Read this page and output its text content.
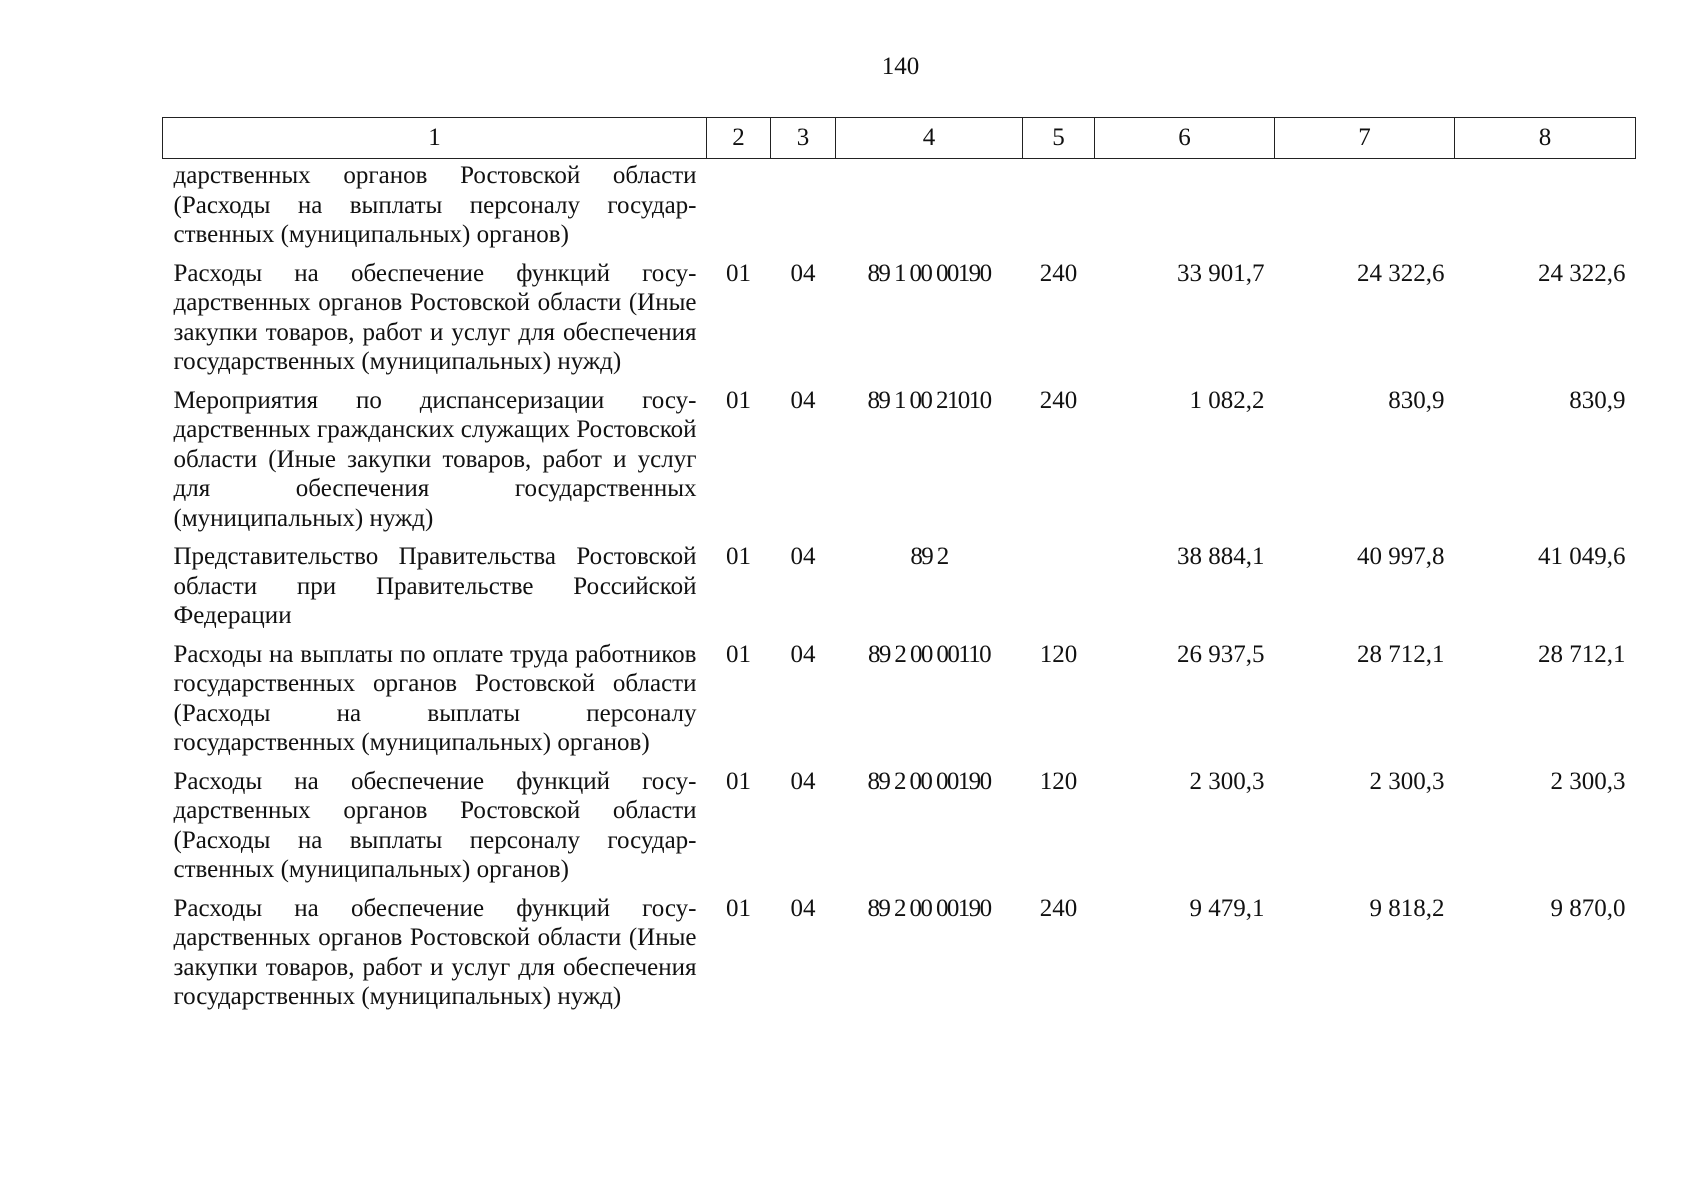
140
1	2	3	4	5	6	7	8
дарственных органов Ростовской области (Расходы на выплаты персоналу государственных (муниципальных) органов)							
Расходы на обеспечение функций государственных органов Ростовской области (Иные закупки товаров, работ и услуг для обеспечения государственных (муниципальных) нужд)	01	04	89 1 00 00190	240	33 901,7	24 322,6	24 322,6
Мероприятия по диспансеризации государственных гражданских служащих Ростовской области (Иные закупки товаров, работ и услуг для обеспечения государственных (муниципальных) нужд)	01	04	89 1 00 21010	240	1 082,2	830,9	830,9
Представительство Правительства Ростовской области при Правительстве Российской Федерации	01	04	89 2		38 884,1	40 997,8	41 049,6
Расходы на выплаты по оплате труда работников государственных органов Ростовской области (Расходы на выплаты персоналу государственных (муниципальных) органов)	01	04	89 2 00 00110	120	26 937,5	28 712,1	28 712,1
Расходы на обеспечение функций государственных органов Ростовской области (Расходы на выплаты персоналу государственных (муниципальных) органов)	01	04	89 2 00 00190	120	2 300,3	2 300,3	2 300,3
Расходы на обеспечение функций государственных органов Ростовской области (Иные закупки товаров, работ и услуг для обеспечения государственных (муниципальных) нужд)	01	04	89 2 00 00190	240	9 479,1	9 818,2	9 870,0
